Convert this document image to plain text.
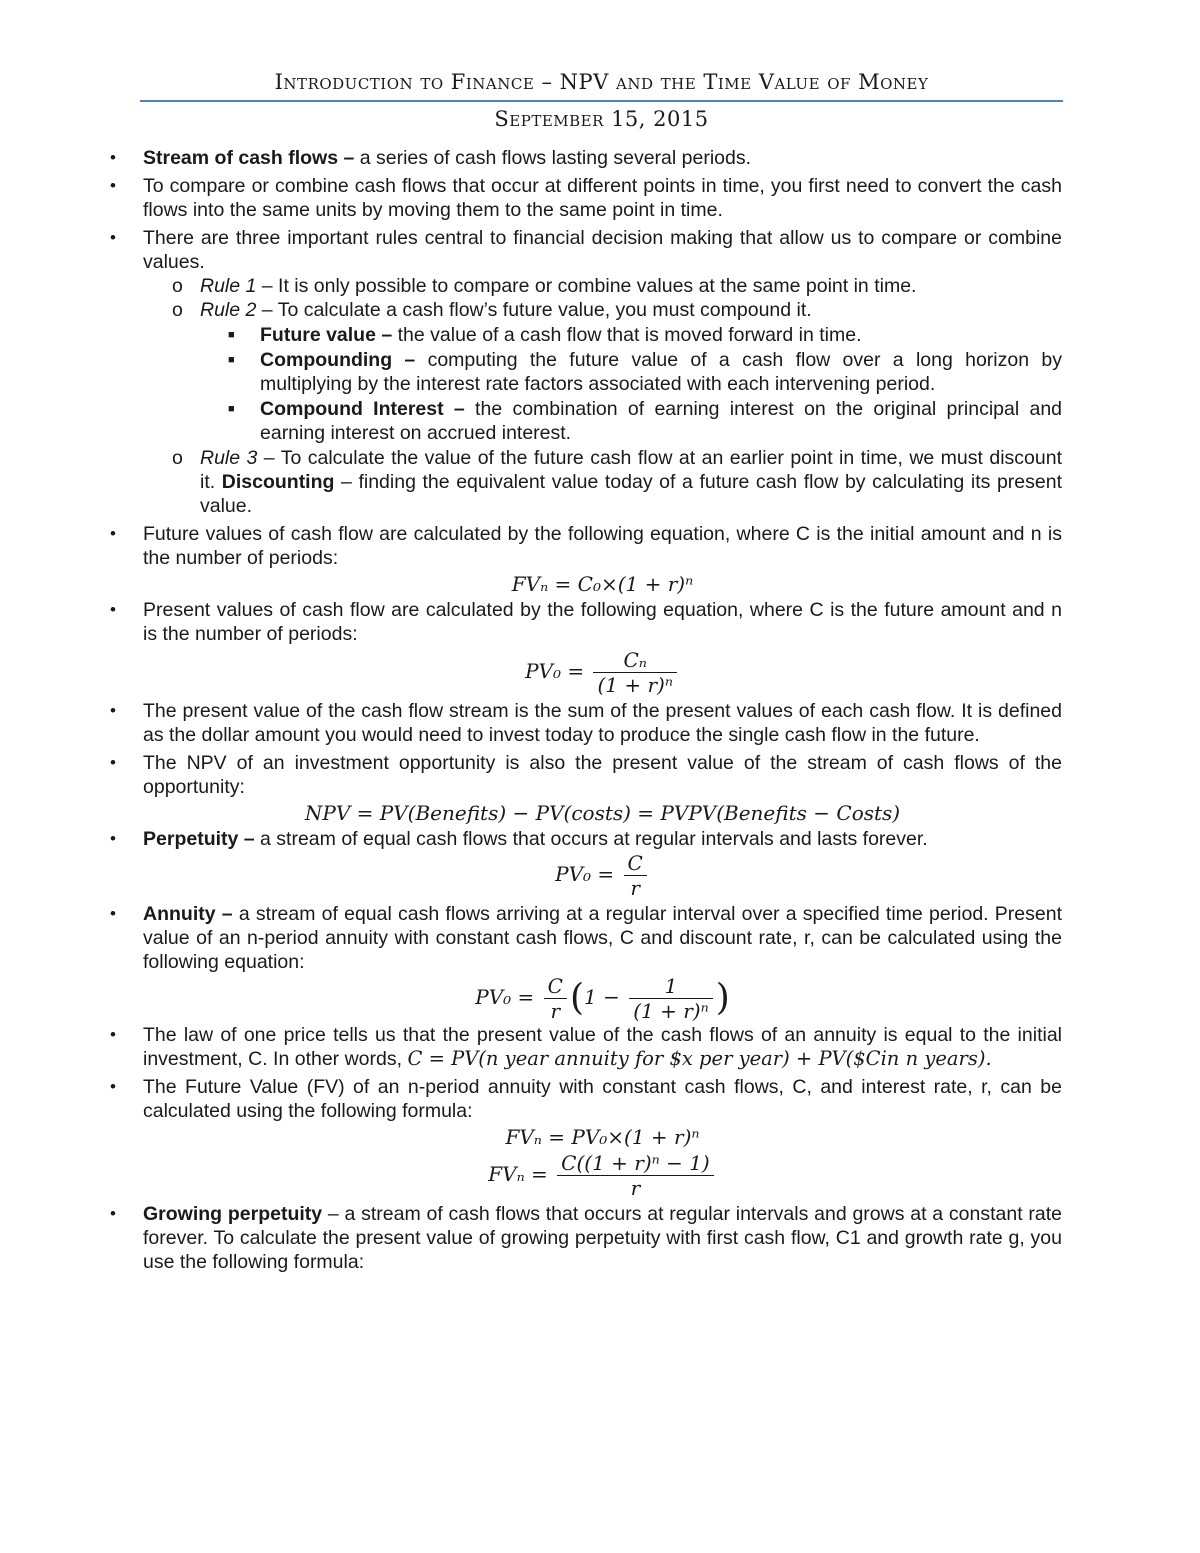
Introduction to Finance – NPV and the Time Value of Money
September 15, 2015
• Stream of cash flows – a series of cash flows lasting several periods.
• To compare or combine cash flows that occur at different points in time, you first need to convert the cash flows into the same units by moving them to the same point in time.
• There are three important rules central to financial decision making that allow us to compare or combine values.
o Rule 1 – It is only possible to compare or combine values at the same point in time.
o Rule 2 – To calculate a cash flow’s future value, you must compound it.
■ Future value – the value of a cash flow that is moved forward in time.
■ Compounding – computing the future value of a cash flow over a long horizon by multiplying by the interest rate factors associated with each intervening period.
■ Compound Interest – the combination of earning interest on the original principal and earning interest on accrued interest.
o Rule 3 – To calculate the value of the future cash flow at an earlier point in time, we must discount it. Discounting – finding the equivalent value today of a future cash flow by calculating its present value.
• Future values of cash flow are calculated by the following equation, where C is the initial amount and n is the number of periods:
FVₙ = C₀×(1 + r)ⁿ
• Present values of cash flow are calculated by the following equation, where C is the future amount and n is the number of periods:
$PV_0 = \frac{\text{Cₙ}}{\text{(1 + r)ⁿ}}$
• The present value of the cash flow stream is the sum of the present values of each cash flow. It is defined as the dollar amount you would need to invest today to produce the single cash flow in the future.
• The NPV of an investment opportunity is also the present value of the stream of cash flows of the opportunity:
NPV = PV(Benefits) − PV(costs) = PVPV(Benefits − Costs)
• Perpetuity – a stream of equal cash flows that occurs at regular intervals and lasts forever.
$PV_0 = \frac{C}{r}$
• Annuity – a stream of equal cash flows arriving at a regular interval over a specified time period. Present value of an n-period annuity with constant cash flows, C and discount rate, r, can be calculated using the following equation:
$PV_0 = \frac{C}{r} (1 - \frac{1}{\text{(1 + r)ⁿ}}$ )
• The law of one price tells us that the present value of the cash flows of an annuity is equal to the initial investment, C. In other words, C = PV(n year annuity for $x per year) + PV($Cin n years).
• The Future Value (FV) of an n-period annuity with constant cash flows, C, and interest rate, r, can be calculated using the following formula:
FVₙ = PV₀×(1 + r)ⁿ
$FV_n = \frac{\text{C((1 + r)ⁿ − 1)}}{r}$
• Growing perpetuity – a stream of cash flows that occurs at regular intervals and grows at a constant rate forever. To calculate the present value of growing perpetuity with first cash flow, C1 and growth rate g, you use the following formula:
